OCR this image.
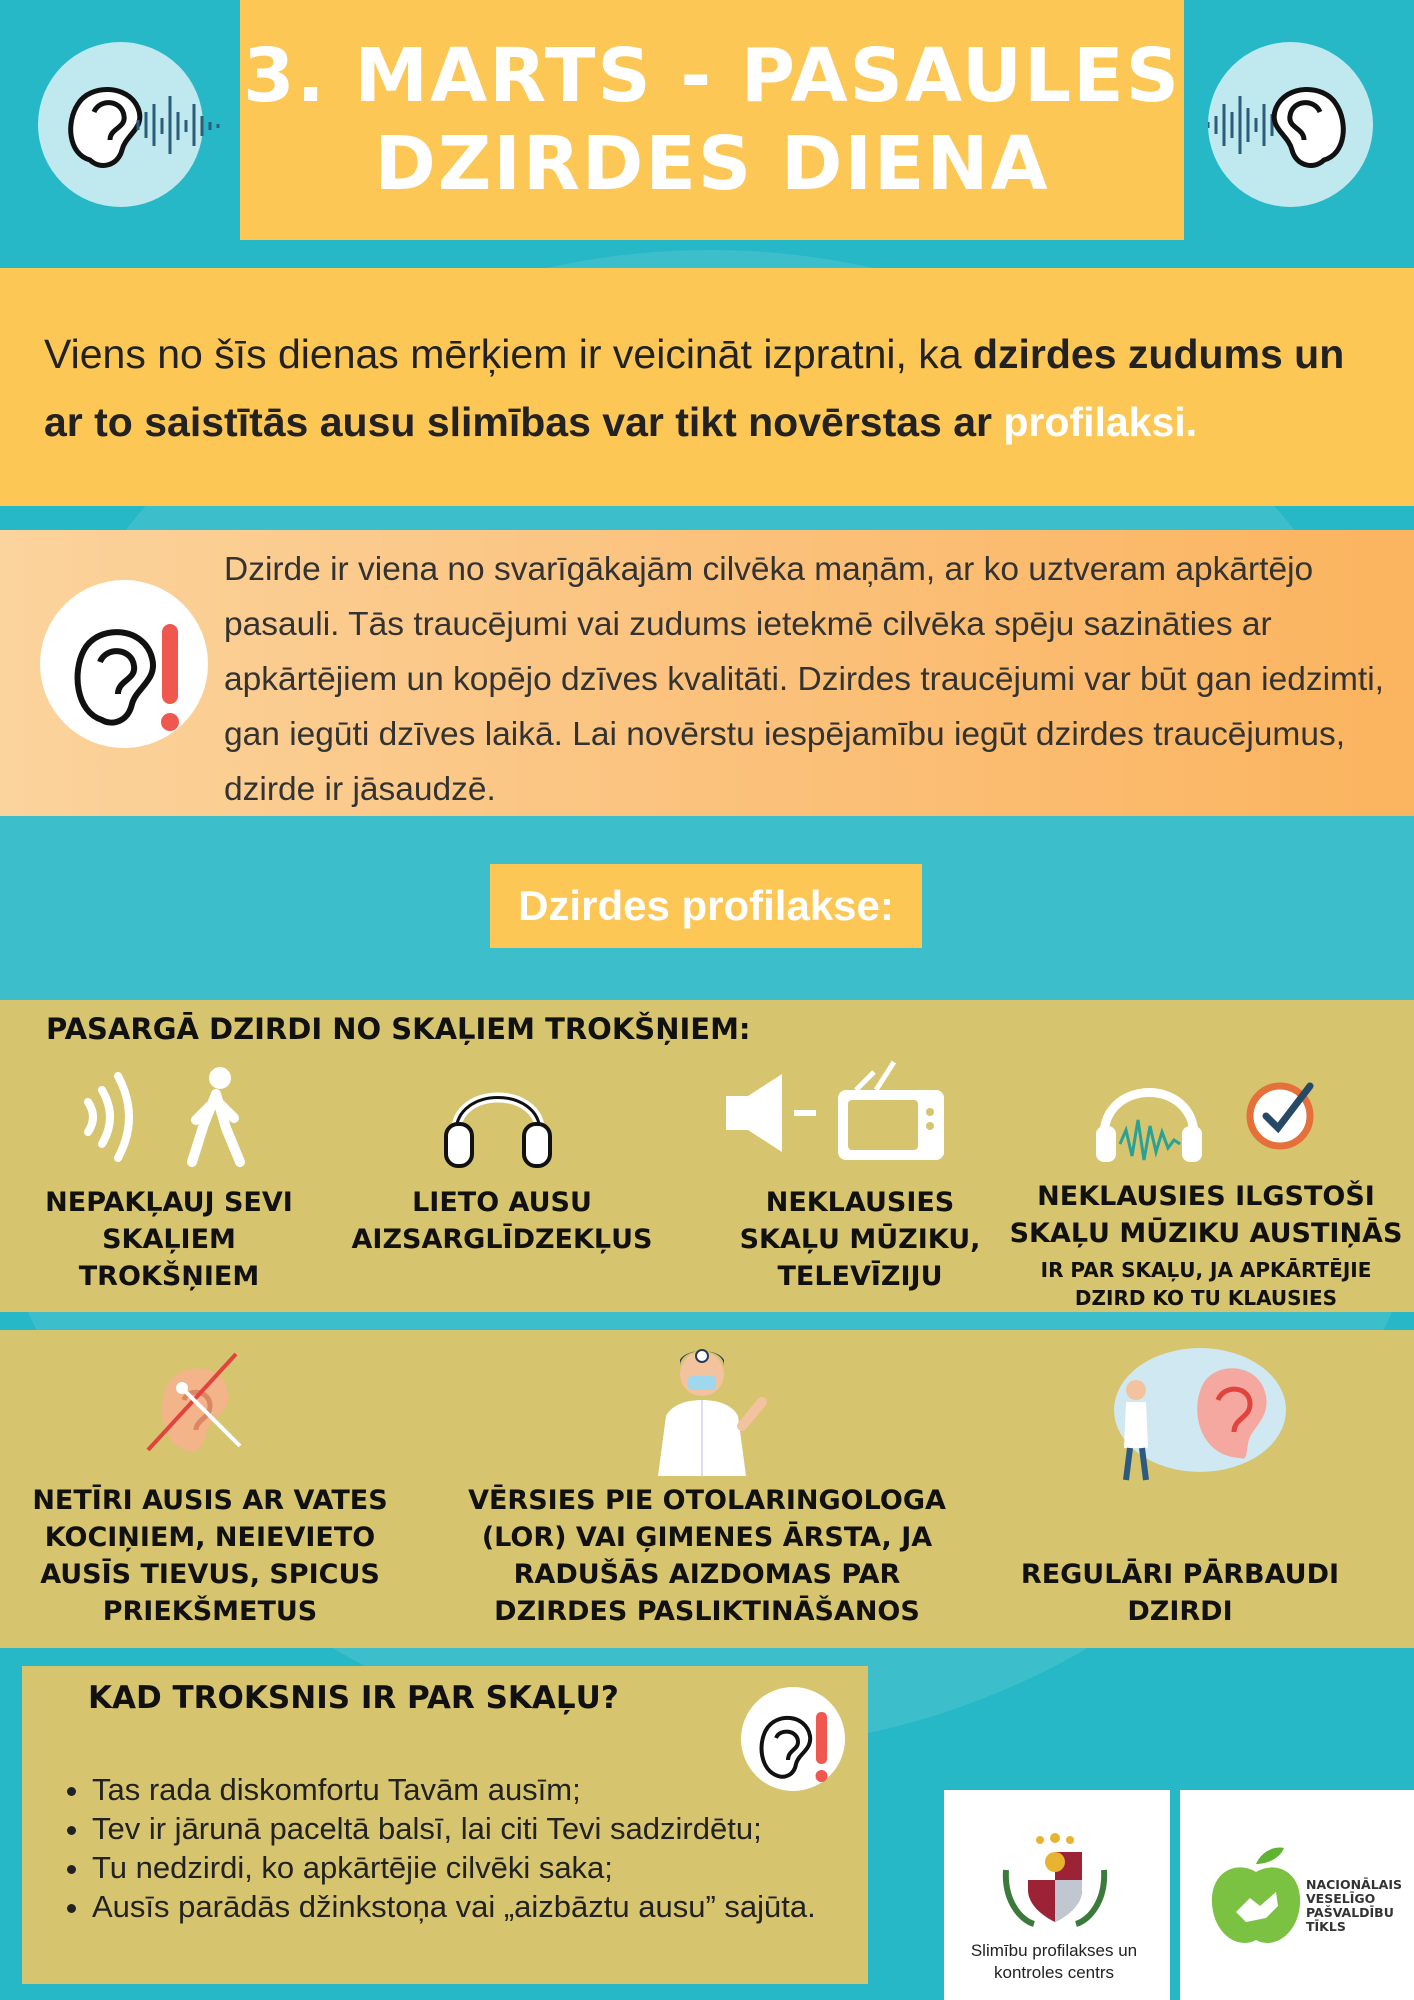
3. MARTS - PASAULES
DZIRDES DIENA

Viens no šīs dienas mērķiem ir veicināt izpratni, ka dzirdes zudums un ar to saistītās ausu slimības var tikt novērstas ar profilaksi.

Dzirde ir viena no svarīgākajām cilvēka maņām, ar ko uztveram apkārtējo pasauli. Tās traucējumi vai zudums ietekmē cilvēka spēju sazināties ar apkārtējiem un kopējo dzīves kvalitāti. Dzirdes traucējumi var būt gan iedzimti, gan iegūti dzīves laikā. Lai novērstu iespējamību iegūt dzirdes traucējumus, dzirde ir jāsaudzē.

Dzirdes profilakse:
PASARGĀ DZIRDI NO SKAĻIEM TROKŠŅIEM:
NEPAKĻAUJ SEVI
SKAĻIEM
TROKŠŅIEM
LIETO AUSU
AIZSARGLĪDZEKĻUS
NEKLAUSIES
SKAĻU MŪZIKU,
TELEVĪZIJU
NEKLAUSIES ILGSTOŠI
SKAĻU MŪZIKU AUSTIŅĀS
IR PAR SKAĻU, JA APKĀRTĒJIE
DZIRD KO TU KLAUSIES
NETĪRI AUSIS AR VATES
KOCIŅIEM, NEIEVIETO
AUSĪS TIEVUS, SPICUS
PRIEKŠMETUS
VĒRSIES PIE OTOLARINGOLOGA
(LOR) VAI ĢIMENES ĀRSTA, JA
RADUŠĀS AIZDOMAS PAR
DZIRDES PASLIKTINĀŠANOS
REGULĀRI PĀRBAUDI
DZIRDI
KAD TROKSNIS IR PAR SKAĻU?
• Tas rada diskomfortu Tavām ausīm;
• Tev ir jārunā paceltā balsī, lai citi Tevi sadzirdētu;
• Tu nedzirdi, ko apkārtējie cilvēki saka;
• Ausīs parādās džinkstoņa vai „aizbāztu ausu” sajūta.
Slimību profilakses un
kontroles centrs
NACIONĀLAIS
VESELĪGO
PAŠVALDĪBU
TĪKLS
